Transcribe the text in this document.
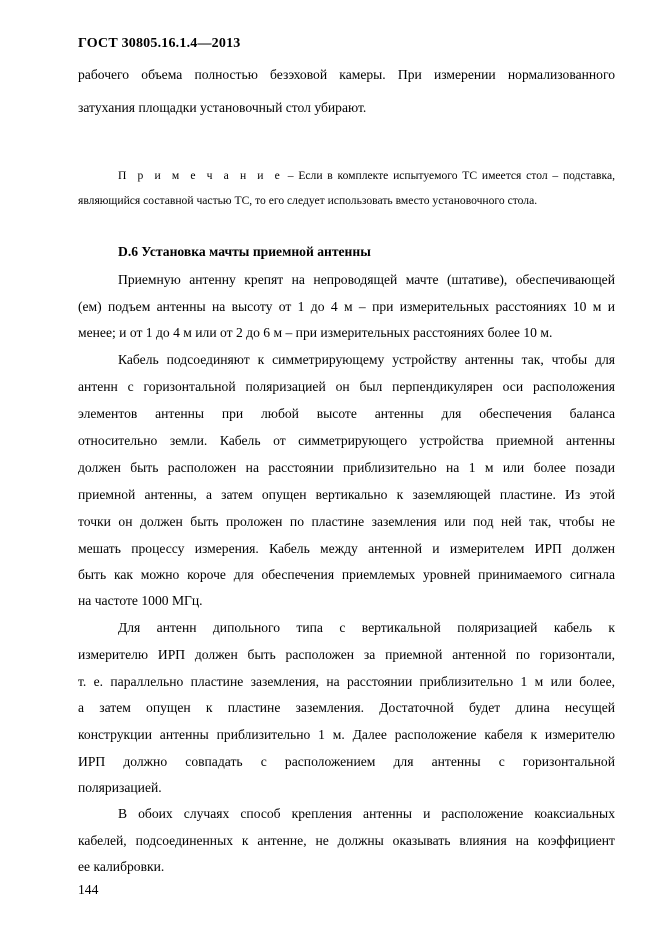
ГОСТ 30805.16.1.4—2013
рабочего объема полностью безэховой камеры. При измерении нормализованного
затухания площадки установочный стол убирают.
П р и м е ч а н и е – Если в комплекте испытуемого ТС имеется стол – подставка,
являющийся составной частью ТС, то его следует использовать вместо установочного стола.
D.6 Установка мачты приемной антенны
Приемную антенну крепят на непроводящей мачте (штативе), обеспечивающей
(ем) подъем антенны на высоту от 1 до 4 м – при измерительных расстояниях 10 м и
менее; и от 1 до 4 м или от 2 до 6 м – при измерительных расстояниях более 10 м.
Кабель подсоединяют к симметрирующему устройству антенны так, чтобы для
антенн с горизонтальной поляризацией он был перпендикулярен оси расположения
элементов антенны при любой высоте антенны для обеспечения баланса
относительно земли. Кабель от симметрирующего устройства приемной антенны
должен быть расположен на расстоянии приблизительно на 1 м или более позади
приемной антенны, а затем опущен вертикально к заземляющей пластине. Из этой
точки он должен быть проложен по пластине заземления или под ней так, чтобы не
мешать процессу измерения. Кабель между антенной и измерителем ИРП должен
быть как можно короче для обеспечения приемлемых уровней принимаемого сигнала
на частоте 1000 МГц.
Для антенн дипольного типа с вертикальной поляризацией кабель к
измерителю ИРП должен быть расположен за приемной антенной по горизонтали,
т. е. параллельно пластине заземления, на расстоянии приблизительно 1 м или более,
а затем опущен к пластине заземления. Достаточной будет длина несущей
конструкции антенны приблизительно 1 м. Далее расположение кабеля к измерителю
ИРП должно совпадать с расположением для антенны с горизонтальной
поляризацией.
В обоих случаях способ крепления антенны и расположение коаксиальных
кабелей, подсоединенных к антенне, не должны оказывать влияния на коэффициент
ее калибровки.
144
